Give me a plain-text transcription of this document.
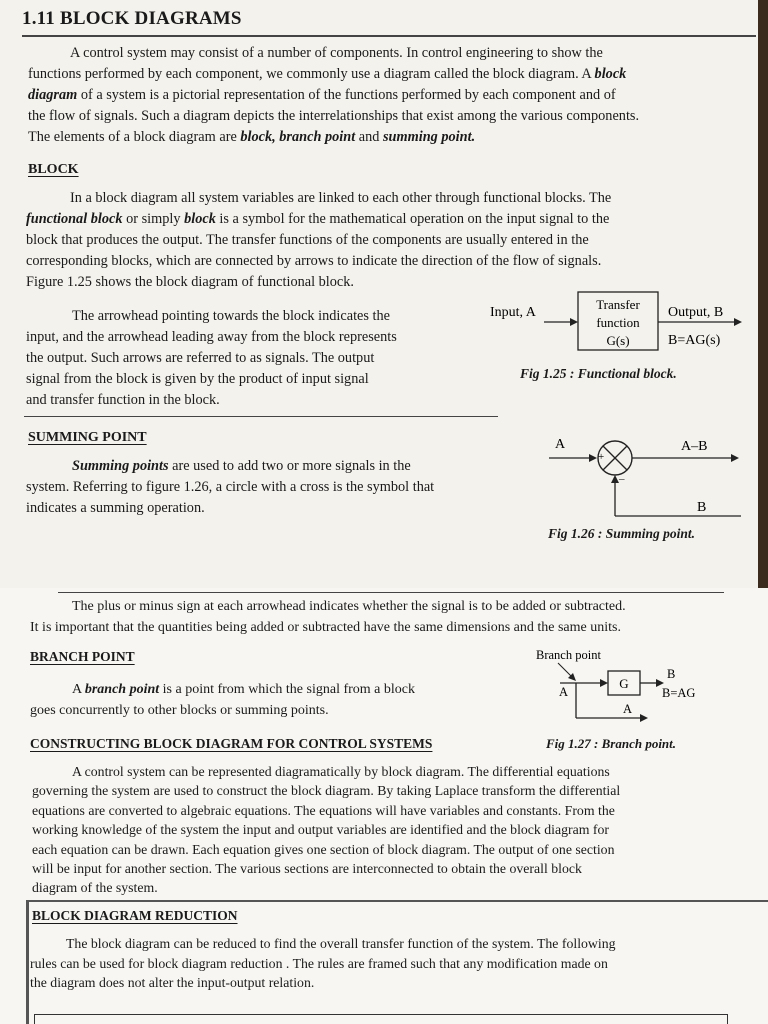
1.11 BLOCK DIAGRAMS
A control system may consist of a number of components. In control engineering to show the
functions performed by each component, we commonly use a diagram called the block diagram. A block
diagram of a system is a pictorial representation of the functions performed by each component and of
the flow of signals. Such a diagram depicts the interrelationships that exist among the various components.
The elements of a block diagram are block, branch point and summing point.
BLOCK
In a block diagram all system variables are linked to each other through functional blocks. The
functional block or simply block is a symbol for the mathematical operation on the input signal to the
block that produces the output. The transfer functions of the components are usually entered in the
corresponding blocks, which are connected by arrows to indicate the direction of the flow of signals.
Figure 1.25 shows the block diagram of functional block.
The arrowhead pointing towards the block indicates the
input, and the arrowhead leading away from the block represents
the output. Such arrows are referred to as signals. The output
signal from the block is given by the product of input signal
and transfer function in the block.
Input, A
Transfer
function
G(s)
Output, B
B=AG(s)
Fig 1.25 : Functional block.
SUMMING POINT
Summing points are used to add two or more signals in the
system. Referring to figure 1.26, a circle with a cross is the symbol that
indicates a summing operation.
A
+
–
A–B
B
Fig 1.26 : Summing point.
The plus or minus sign at each arrowhead indicates whether the signal is to be added or subtracted.
It is important that the quantities being added or subtracted have the same dimensions and the same units.
BRANCH POINT
A branch point is a point from which the signal from a block
goes concurrently to other blocks or summing points.
Branch point
A
G
B
B=AG
A
CONSTRUCTING BLOCK DIAGRAM FOR CONTROL SYSTEMS	Fig 1.27 : Branch point.
A control system can be represented diagramatically by block diagram. The differential equations
governing the system are used to construct the block diagram. By taking Laplace transform the differential
equations are converted to algebraic equations. The equations will have variables and constants. From the
working knowledge of the system the input and output variables are identified and the block diagram for
each equation can be drawn. Each equation gives one section of block diagram. The output of one section
will be input for another section. The various sections are interconnected to obtain the overall block
diagram of the system.
BLOCK DIAGRAM REDUCTION
The block diagram can be reduced to find the overall transfer function of the system. The following
rules can be used for block diagram reduction . The rules are framed such that any modification made on
the diagram does not alter the input-output relation.
